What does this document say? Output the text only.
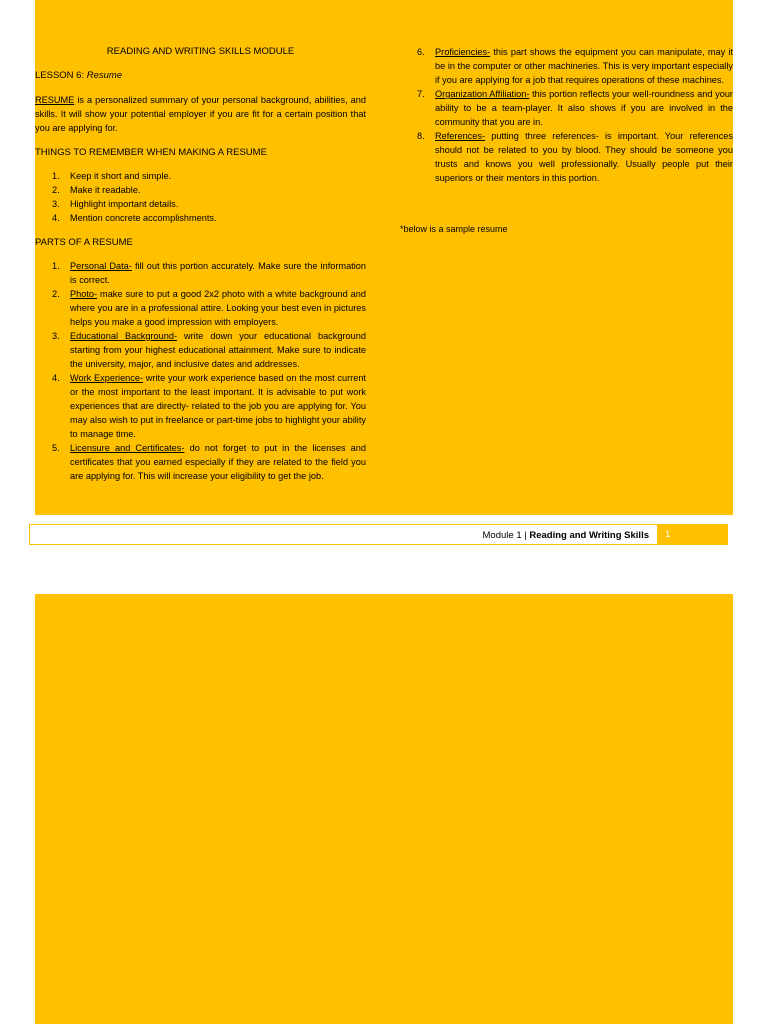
READING AND WRITING SKILLS MODULE
LESSON 6: Resume

RESUME is a personalized summary of your personal background, abilities, and skills. It will show your potential employer if you are fit for a certain position that you are applying for.

THINGS TO REMEMBER WHEN MAKING A RESUME
1. Keep it short and simple.
2. Make it readable.
3. Highlight important details.
4. Mention concrete accomplishments.
PARTS OF A RESUME
1. Personal Data- fill out this portion accurately. Make sure the information is correct.
2. Photo- make sure to put a good 2x2 photo with a white background and where you are in a professional attire. Looking your best even in pictures helps you make a good impression with employers.
3. Educational Background- write down your educational background starting from your highest educational attainment. Make sure to indicate the university, major, and inclusive dates and addresses.
4. Work Experience- write your work experience based on the most current or the most important to the least important. It is advisable to put work experiences that are directly- related to the job you are applying for. You may also wish to put in freelance or part-time jobs to highlight your ability to manage time.
5. Licensure and Certificates- do not forget to put in the licenses and certificates that you earned especially if they are related to the field you are applying for. This will increase your eligibility to get the job.
6. Proficiencies- this part shows the equipment you can manipulate, may it be in the computer or other machineries. This is very important especially if you are applying for a job that requires operations of these machines.
7. Organization Affiliation- this portion reflects your well-roundness and your ability to be a team-player. It also shows if you are involved in the community that you are in.
8. References- putting three references- is important. Your references should not be related to you by blood. They should be someone you trusts and knows you well professionally. Usually people put their superiors or their mentors in this portion.
*below is a sample resume
Module 1 | Reading and Writing Skills	1
